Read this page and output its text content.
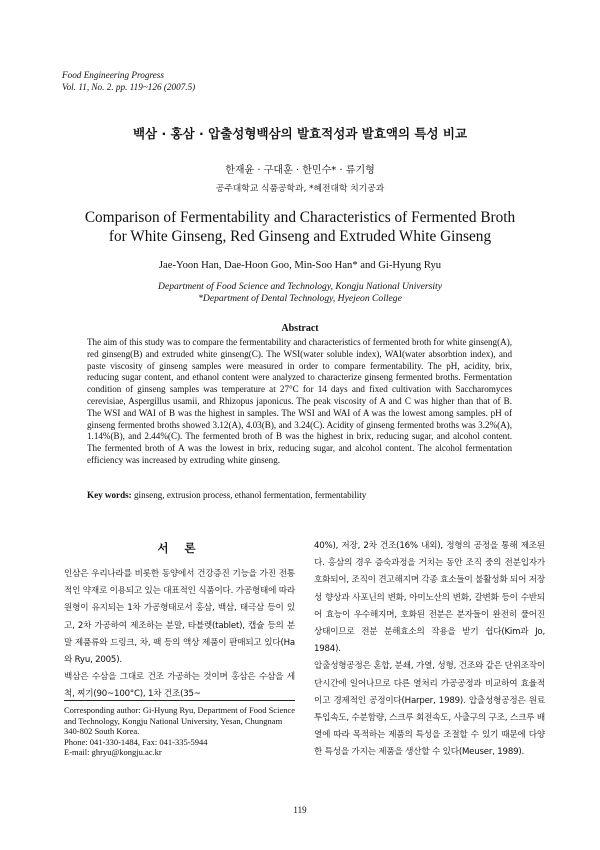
Food Engineering Progress
Vol. 11, No. 2. pp. 119~126 (2007.5)
백삼 · 홍삼 · 압출성형백삼의 발효적성과 발효액의 특성 비교
한재윤 · 구대훈 · 한민수* · 류기형
공주대학교 식품공학과, *혜전대학 치기공과
Comparison of Fermentability and Characteristics of Fermented Broth
for White Ginseng, Red Ginseng and Extruded White Ginseng
Jae-Yoon Han, Dae-Hoon Goo, Min-Soo Han* and Gi-Hyung Ryu
Department of Food Science and Technology, Kongju National University
*Department of Dental Technology, Hyejeon College
Abstract

The aim of this study was to compare the fermentability and characteristics of fermented broth for white ginseng(A), red ginseng(B) and extruded white ginseng(C). The WSI(water soluble index), WAI(water absorbtion index), and paste viscosity of ginseng samples were measured in order to compare fermentability. The pH, acidity, brix, reducing sugar content, and ethanol content were analyzed to characterize ginseng fermented broths. Fermentation condition of ginseng samples was temperature at 27°C for 14 days and fixed cultivation with Saccharomyces cerevisiae, Aspergillus usamii, and Rhizopus japonicus. The peak viscosity of A and C was higher than that of B. The WSI and WAI of B was the highest in samples. The WSI and WAI of A was the lowest among samples. pH of ginseng fermented broths showed 3.12(A), 4.03(B), and 3.24(C). Acidity of ginseng fermented broths was 3.2%(A), 1.14%(B), and 2.44%(C). The fermented broth of B was the highest in brix, reducing sugar, and alcohol content. The fermented broth of A was the lowest in brix, reducing sugar, and alcohol content. The alcohol fermentation efficiency was increased by extruding white ginseng.

Key words: ginseng, extrusion process, ethanol fermentation, fermentability
서 론

인삼은 우리나라를 비롯한 동양에서 건강증진 기능을 가진 전통적인 약재로 이용되고 있는 대표적인 식품이다. 가공형태에 따라 원형이 유지되는 1차 가공형태로서 홍삼, 백삼, 태극삼 등이 있고, 2차 가공하여 제조하는 분말, 타블렛(tablet), 캡슐 등의 분말 제품류와 드링크, 차, 팩 등의 액상 제품이 판매되고 있다(Ha와 Ryu, 2005).

백삼은 수삼을 그대로 건조 가공하는 것이며 홍삼은 수삼을 세척, 찌기(90~100°C), 1차 건조(35~

40%), 저장, 2차 건조(16% 내외), 정형의 공정을 통해 제조된다. 홍삼의 경우 증숙과정을 거치는 동안 조직 중의 전분입자가 호화되어, 조직이 견고해지며 각종 효소들이 불활성화 되어 저장성 향상과 사포닌의 변화, 아미노산의 변화, 갈변화 등이 수반되어 효능이 우수해지며, 호화된 전분은 분자들이 완전히 풀어진 상태이므로 전분 분해효소의 작용을 받기 쉽다(Kim과 Jo, 1984).

압출성형공정은 혼합, 분쇄, 가열, 성형, 건조와 같은 단위조작이 단시간에 일어나므로 다른 열처리 가공공정과 비교하여 효율적이고 경제적인 공정이다(Harper, 1989). 압출성형공정은 원료투입속도, 수분함량, 스크루 회전속도, 사출구의 구조, 스크루 배열에 따라 목적하는 제품의 특성을 조절할 수 있기 때문에 다양한 특성을 가지는 제품을 생산할 수 있다(Meuser, 1989).

Corresponding author: Gi-Hyung Ryu, Department of Food Science and Technology, Kongju National University, Yesan, Chungnam 340-802 South Korea.
Phone: 041-330-1484, Fax: 041-335-5944
E-mail: ghryu@kongju.ac.kr
119
